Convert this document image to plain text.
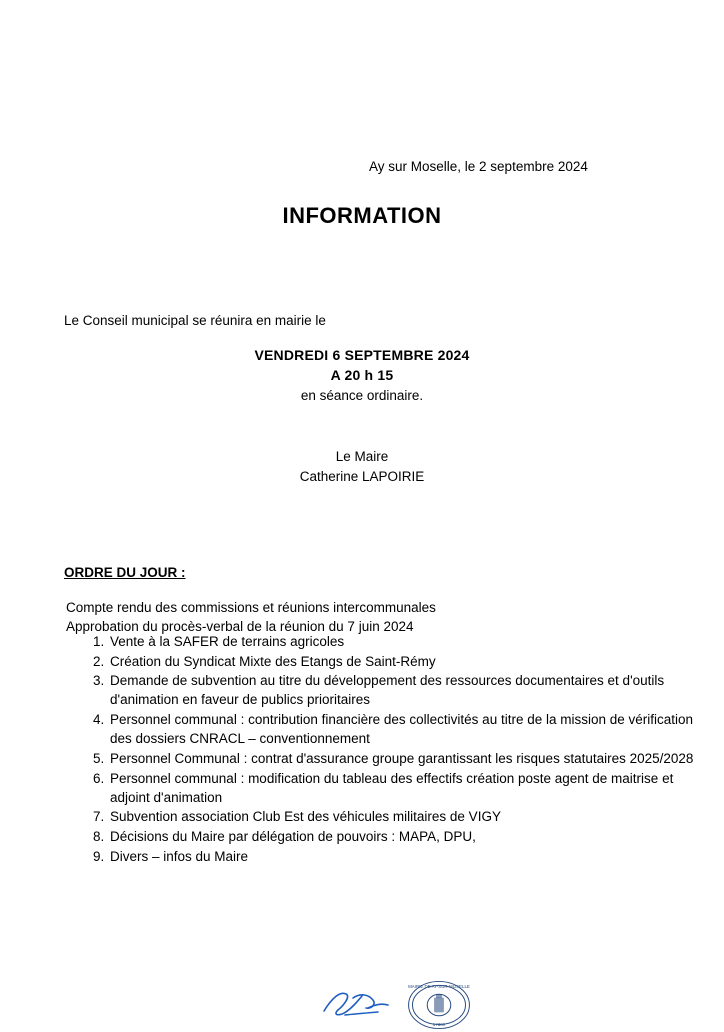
Ay sur Moselle, le 2 septembre 2024
INFORMATION
Le Conseil municipal se réunira en mairie le
VENDREDI 6 SEPTEMBRE 2024
A 20 h 15
en séance ordinaire.
Le Maire
Catherine LAPOIRIE
MAIRIE DE AY-SUR-MOSELLE
57300
ORDRE DU JOUR :
Compte rendu des commissions et réunions intercommunales
Approbation du procès-verbal de la réunion du 7 juin 2024
1. Vente à la SAFER de terrains agricoles
2. Création du Syndicat Mixte des Etangs de Saint-Rémy
3. Demande de subvention au titre du développement des ressources documentaires et d'outils d'animation en faveur de publics prioritaires
4. Personnel communal : contribution financière des collectivités au titre de la mission de vérification des dossiers CNRACL – conventionnement
5. Personnel Communal : contrat d'assurance groupe garantissant les risques statutaires 2025/2028
6. Personnel communal : modification du tableau des effectifs création poste agent de maitrise et adjoint d'animation
7. Subvention association Club Est des véhicules militaires de VIGY
8. Décisions du Maire par délégation de pouvoirs : MAPA, DPU,
9. Divers – infos du Maire
